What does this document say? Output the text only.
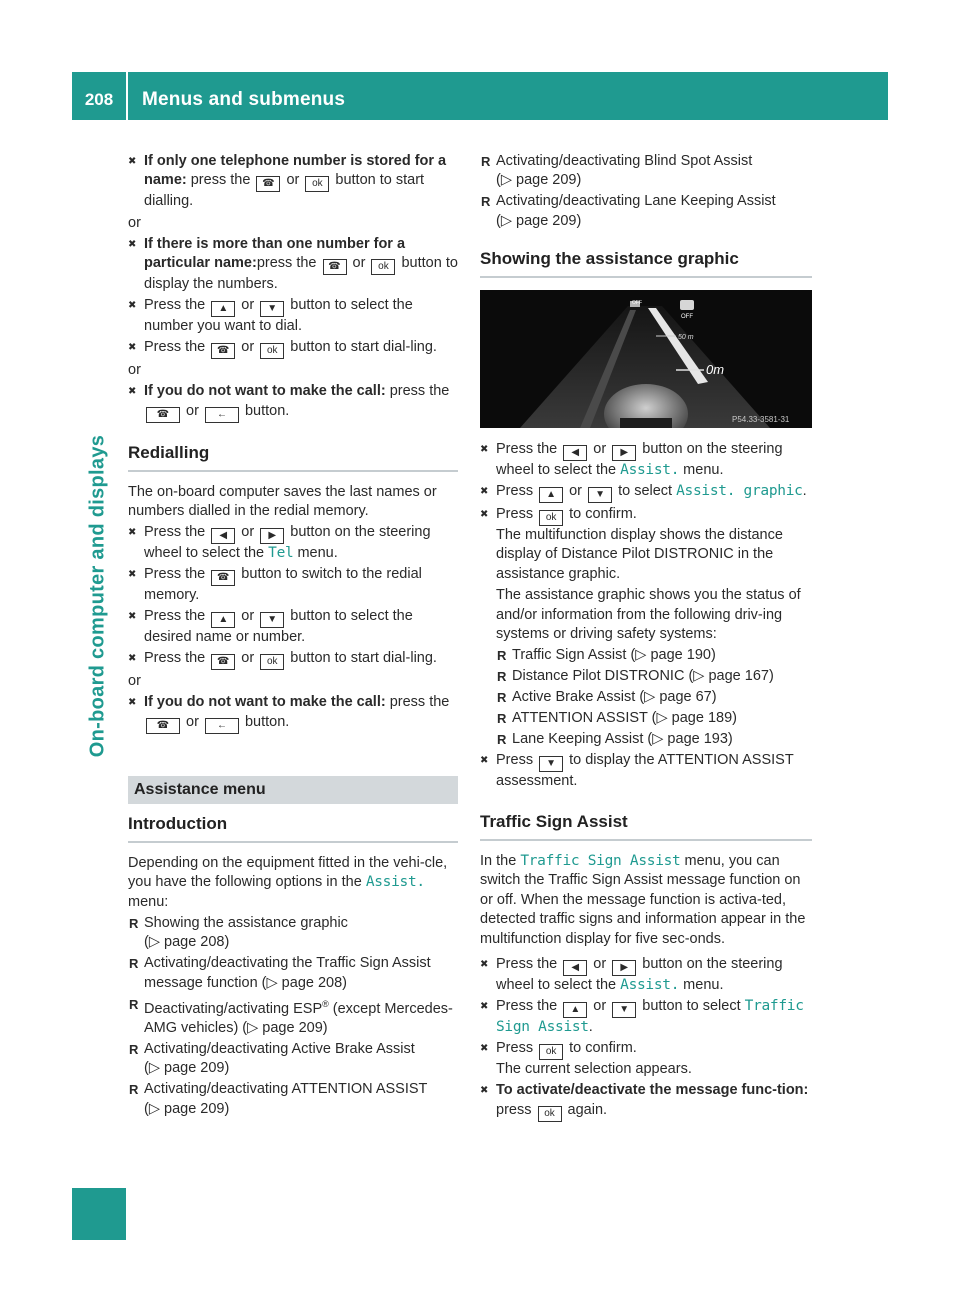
208	Menus and submenus
On-board computer and displays

✖ If only one telephone number is stored for a name: press the ☎ or ok button to start dialling.

or

✖ If there is more than one number for a particular name:press the ☎ or ok button to display the numbers.

✖ Press the ▲ or ▼ button to select the number you want to dial.

✖ Press the ☎ or ok button to start dial-ling.

or

✖ If you do not want to make the call: press the ☎ or ← button.

Redialling

The on-board computer saves the last names or numbers dialled in the redial memory.

✖ Press the ◀ or ▶ button on the steering wheel to select the Tel menu.

✖ Press the ☎ button to switch to the redial memory.

✖ Press the ▲ or ▼ button to select the desired name or number.

✖ Press the ☎ or ok button to start dial-ling.

or

✖ If you do not want to make the call: press the ☎ or ← button.

Assistance menu
Introduction

Depending on the equipment fitted in the vehi-cle, you have the following options in the Assist. menu:

R Showing the assistance graphic
(▷ page 208)

R Activating/deactivating the Traffic Sign Assist message function (▷ page 208)

R Deactivating/activating ESP® (except Mercedes-AMG vehicles) (▷ page 209)

R Activating/deactivating Active Brake Assist
(▷ page 209)

R Activating/deactivating ATTENTION ASSIST
(▷ page 209)

R Activating/deactivating Blind Spot Assist
(▷ page 209)

R Activating/deactivating Lane Keeping Assist
(▷ page 209)

Showing the assistance graphic
OFF
OFF
50 m
0m
P54.33-3581-31

✖ Press the ◀ or ▶ button on the steering wheel to select the Assist. menu.

✖ Press ▲ or ▼ to select Assist. graphic.

✖ Press ok to confirm.
The multifunction display shows the distance display of Distance Pilot DISTRONIC in the assistance graphic.

The assistance graphic shows you the status of and/or information from the following driv-ing systems or driving safety systems:

R Traffic Sign Assist (▷ page 190)

R Distance Pilot DISTRONIC (▷ page 167)

R Active Brake Assist (▷ page 67)

R ATTENTION ASSIST (▷ page 189)

R Lane Keeping Assist (▷ page 193)

✖ Press ▼ to display the ATTENTION ASSIST assessment.

Traffic Sign Assist

In the Traffic Sign Assist menu, you can switch the Traffic Sign Assist message function on or off. When the message function is activa-ted, detected traffic signs and information appear in the multifunction display for five sec-onds.

✖ Press the ◀ or ▶ button on the steering wheel to select the Assist. menu.

✖ Press the ▲ or ▼ button to select Traffic Sign Assist.

✖ Press ok to confirm.
The current selection appears.

✖ To activate/deactivate the message func-tion: press ok again.
